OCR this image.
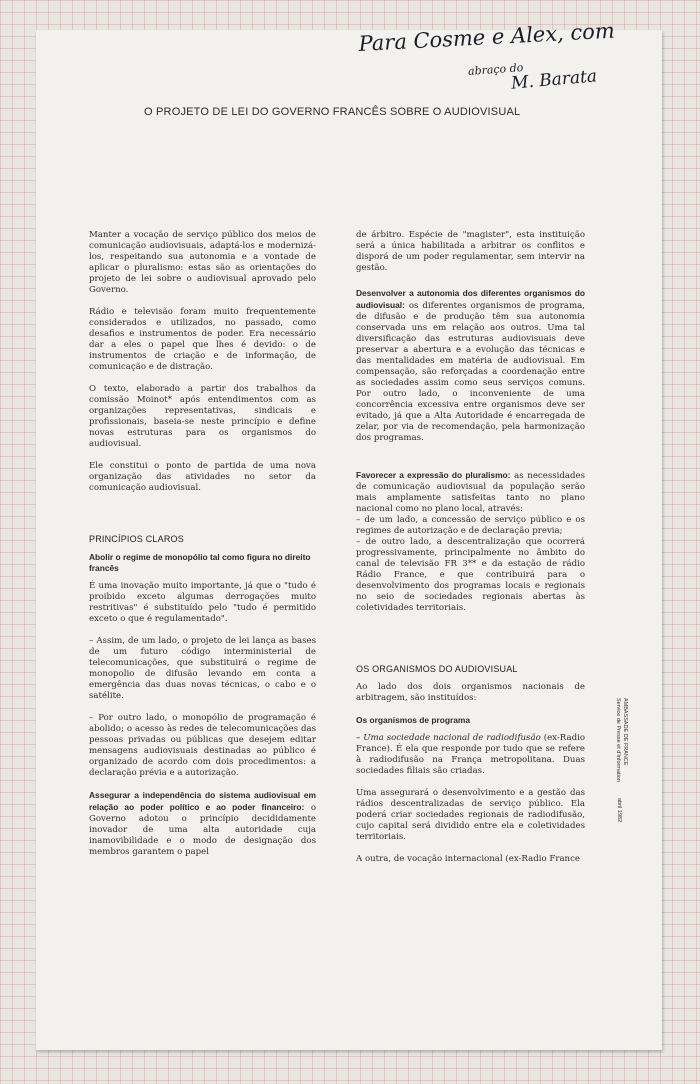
Para Cosme e Alex, com

abraço do

M. Barata

O PROJETO DE LEI DO GOVERNO FRANCÊS SOBRE O AUDIOVISUAL

Manter a vocação de serviço público dos meios de comunicação audiovisuais, adaptá-los e modernizá-los, respeitando sua autonomia e a vontade de aplicar o pluralismo: estas são as orientações do projeto de lei sobre o audiovisual aprovado pelo Governo.

Rádio e televisão foram muito frequentemente considerados e utilizados, no passado, como desafios e instrumentos de poder. Era necessário dar a eles o papel que lhes é devido: o de instrumentos de criação e de informação, de comunicação e de distração.

O texto, elaborado a partir dos trabalhos da comissão Moinot* após entendimentos com as organizações representativas, sindicais e profissionais, baseia-se neste princípio e define novas estruturas para os organismos do audiovisual.

Ele constitui o ponto de partida de uma nova organização das atividades no setor da comunicação audiovisual.

PRINCÍPIOS CLAROS
Abolir o regime de monopólio tal como figura no direito francês

É uma inovação muito importante, já que o "tudo é proibido exceto algumas derrogações muito restritivas" é substituído pelo "tudo é permitido exceto o que é regulamentado".

– Assim, de um lado, o projeto de lei lança as bases de um futuro código interministerial de telecomunicações, que substituirá o regime de monopolio de difusão levando em conta a emergência das duas novas técnicas, o cabo e o satélite.

– Por outro lado, o monopólio de programação é abolido; o acesso às redes de telecomunicações das pessoas privadas ou públicas que desejem editar mensagens audiovisuais destinadas ao público é organizado de acordo com dois procedimentos: a declaração prévia e a autorização.

Assegurar a independência do sistema audiovisual em relação ao poder político e ao poder financeiro: o Governo adotou o princípio decididamente inovador de uma alta autoridade cuja inamovibilidade e o modo de designação dos membros garantem o papel

de árbitro. Espécie de "magister", esta instituição será a única habilitada a arbitrar os conflitos e disporá de um poder regulamentar, sem intervir na gestão.

Desenvolver a autonomia dos diferentes organismos do audiovisual: os diferentes organismos de programa, de difusão e de produção têm sua autonomia conservada uns em relação aos outros. Uma tal diversificação das estruturas audiovisuais deve preservar a abertura e a evolução das técnicas e das mentalidades em matéria de audiovisual. Em compensação, são reforçadas a coordenação entre as sociedades assim como seus serviços comuns. Por outro lado, o inconveniente de uma concorrência excessiva entre organismos deve ser evitado, já que a Alta Autoridade é encarregada de zelar, por via de recomendação, pela harmonização dos programas.

Favorecer a expressão do pluralismo: as necessidades de comunicação audiovisual da população serão mais amplamente satisfeitas tanto no plano nacional como no plano local, através:

– de um lado, a concessão de serviço público e os regimes de autorização e de declaração previa;

– de outro lado, a descentralização que ocorrerá progressivamente, principalmente no âmbito do canal de televisão FR 3** e da estação de rádio Rádio France, e que contribuirá para o desenvolvimento dos programas locais e regionais no seio de sociedades regionais abertas às coletividades territoriais.

OS ORGANISMOS DO AUDIOVISUAL

Ao lado dos dois organismos nacionais de arbitragem, são instituídos:

Os organismos de programa

– Uma sociedade nacional de radiodifusão (ex-Radio France). É ela que responde por tudo que se refere à radiodifusão na França metropolitana. Duas sociedades filiais são criadas.

Uma assegurará o desenvolvimento e a gestão das rádios descentralizadas de serviço público. Ela poderá criar sociedades regionais de radiodifusão, cujo capital será dividido entre ela e coletividades territoriais.

A outra, de vocação internacional (ex-Radio France

AMBASSADE DE FRANCE
Service de Presse et d'Information
abril 1982
